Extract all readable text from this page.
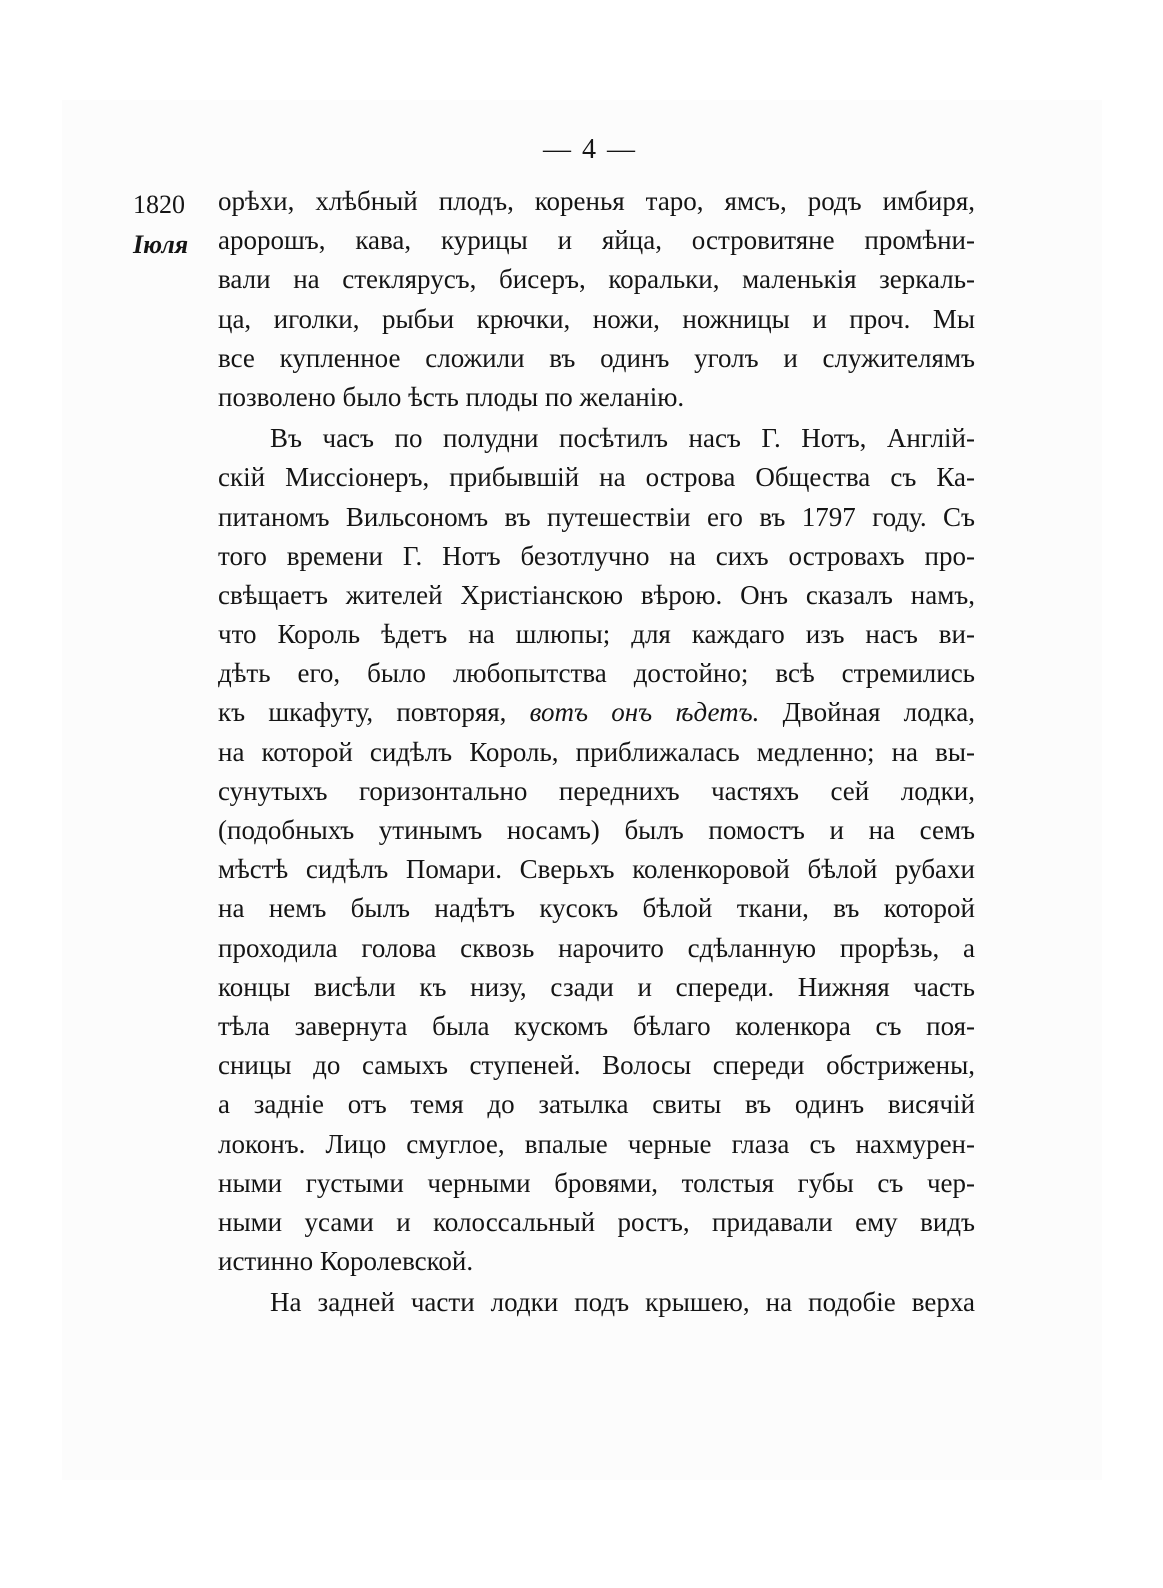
— 4 —
1820
Іюля
орѣхи, хлѣбный плодъ, коренья таро, ямсъ, родъ имбиря,
аророшъ, кава, курицы и яйца, островитяне промѣни-
вали на стеклярусъ, бисеръ, коральки, маленькія зеркаль-
ца, иголки, рыбьи крючки, ножи, ножницы и проч. Мы
все купленное сложили въ одинъ уголъ и служителямъ
позволено было ѣсть плоды по желанію.
Въ часъ по полудни посѣтилъ насъ Г. Нотъ, Англій-
скій Миссіонеръ, прибывшій на острова Общества съ Ка-
питаномъ Вильсономъ въ путешествіи его въ 1797 году. Съ
того времени Г. Нотъ безотлучно на сихъ островахъ про-
свѣщаетъ жителей Христіанскою вѣрою. Онъ сказалъ намъ,
что Король ѣдетъ на шлюпы; для каждаго изъ насъ ви-
дѣть его, было любопытства достойно; всѣ стремились
къ шкафуту, повторяя, вотъ онъ ѣдетъ. Двойная лодка,
на которой сидѣлъ Король, приближалась медленно; на вы-
сунутыхъ горизонтально переднихъ частяхъ сей лодки,
(подобныхъ утинымъ носамъ) былъ помостъ и на семъ
мѣстѣ сидѣлъ Помари. Сверьхъ коленкоровой бѣлой рубахи
на немъ былъ надѣтъ кусокъ бѣлой ткани, въ которой
проходила голова сквозь нарочито сдѣланную прорѣзь, а
концы висѣли къ низу, сзади и спереди. Нижняя часть
тѣла завернута была кускомъ бѣлаго коленкора съ поя-
сницы до самыхъ ступеней. Волосы спереди обстрижены,
а задніе отъ темя до затылка свиты въ одинъ висячій
локонъ. Лицо смуглое, впалые черные глаза съ нахмурен-
ными густыми черными бровями, толстыя губы съ чер-
ными усами и колоссальный ростъ, придавали ему видъ
истинно Королевской.
На задней части лодки подъ крышею, на подобіе верха
